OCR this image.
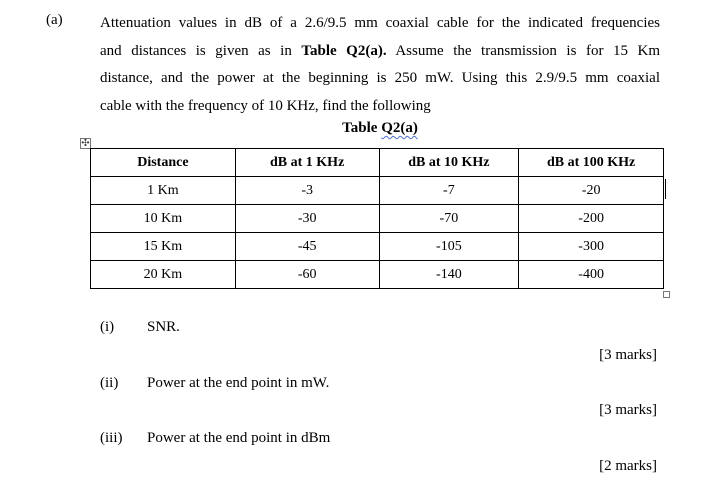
(a) Attenuation values in dB of a 2.6/9.5 mm coaxial cable for the indicated frequencies
and distances is given as in Table Q2(a). Assume the transmission is for 15 Km
distance, and the power at the beginning is 250 mW. Using this 2.9/9.5 mm coaxial
cable with the frequency of 10 KHz, find the following
Table Q2(a)
✣
Distance	dB at 1 KHz	dB at 10 KHz	dB at 100 KHz
1 Km	-3	-7	-20
10 Km	-30	-70	-200
15 Km	-45	-105	-300
20 Km	-60	-140	-400
(i) SNR.
[3 marks]
(ii) Power at the end point in mW.
[3 marks]
(iii) Power at the end point in dBm
[2 marks]
